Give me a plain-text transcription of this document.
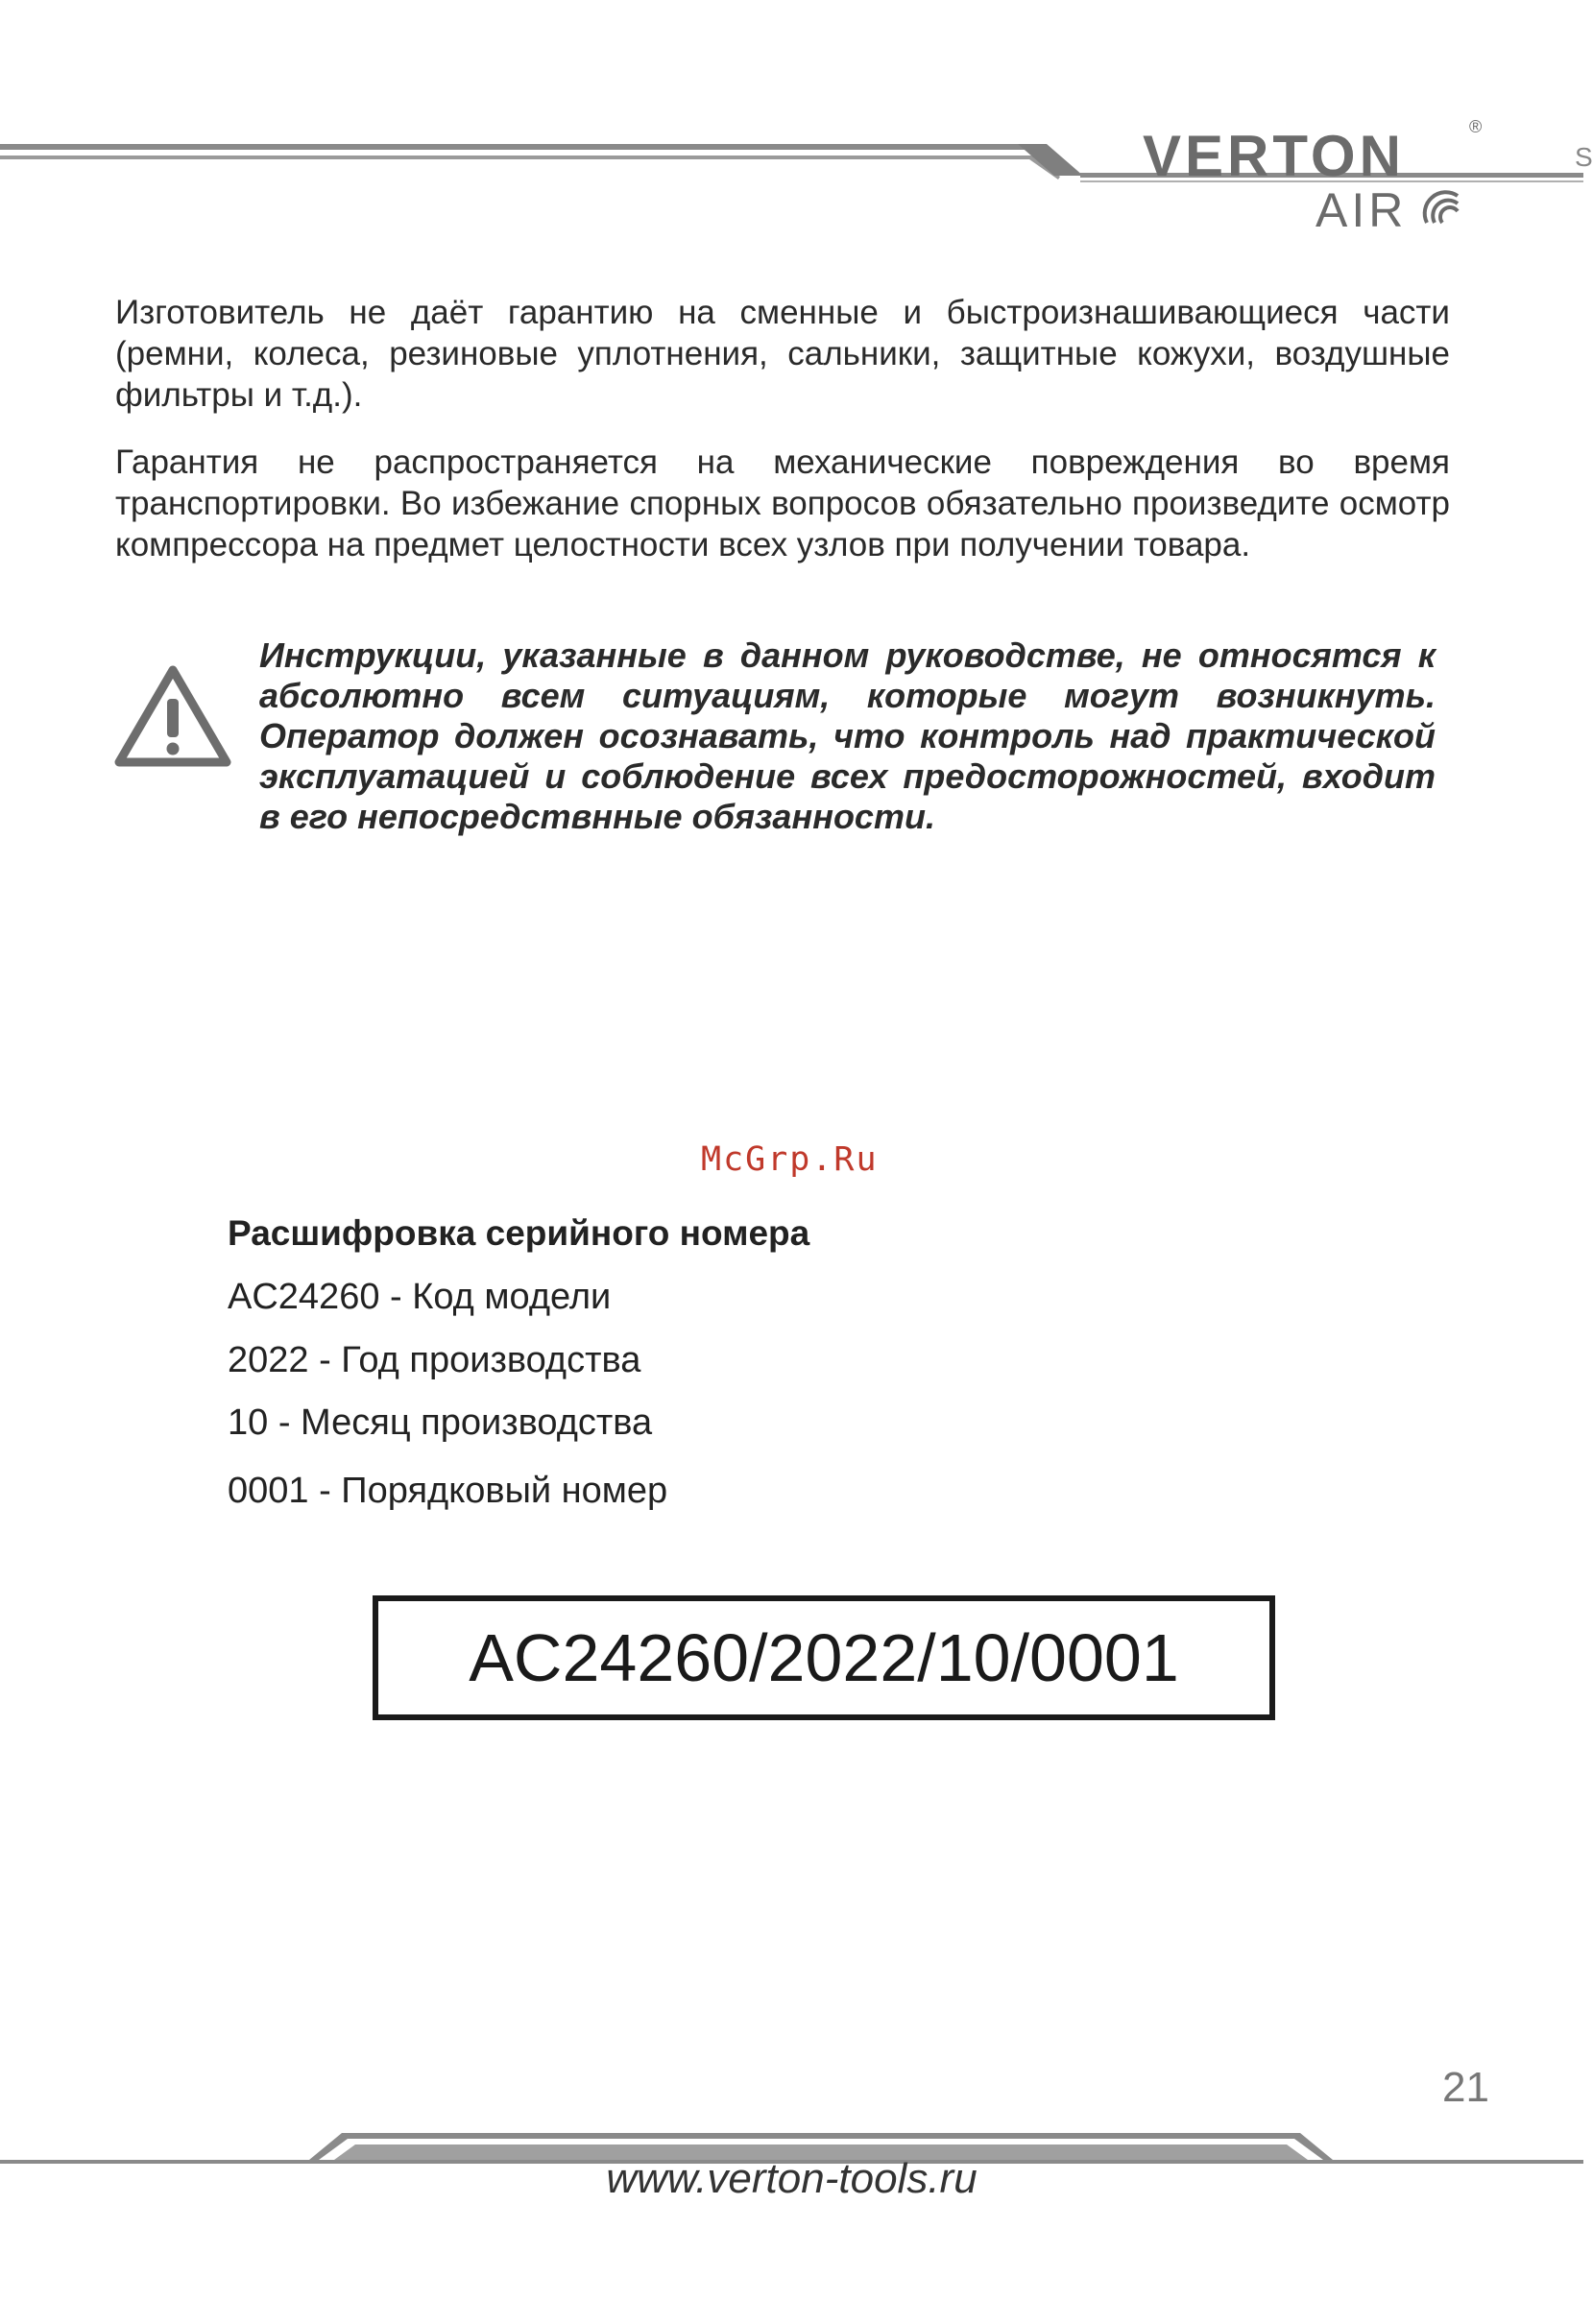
VERTON	®
AIR
S
Изготовитель не даёт гарантию на сменные и быстроизнашивающиеся части (ремни, колеса, резиновые уплотнения, сальники, защитные кожухи, воздушные фильтры и т.д.).
Гарантия не распространяется на механические повреждения во время транспортировки. Во избежание спорных вопросов обязательно произведите осмотр компрессора на предмет целостности всех узлов при получении товара.
Инструкции, указанные в данном руководстве, не относятся к абсолютно всем ситуациям, которые могут возникнуть. Оператор должен осознавать, что контроль над практической эксплуатацией и соблюдение всех предосторожностей, входит в его непосредствнные обязанности.
McGrp.Ru
Расшифровка серийного номера
AC24260 - Код модели
2022 - Год производства
10 - Месяц производства
0001 - Порядковый номер
AC24260/2022/10/0001
21
www.verton-tools.ru
